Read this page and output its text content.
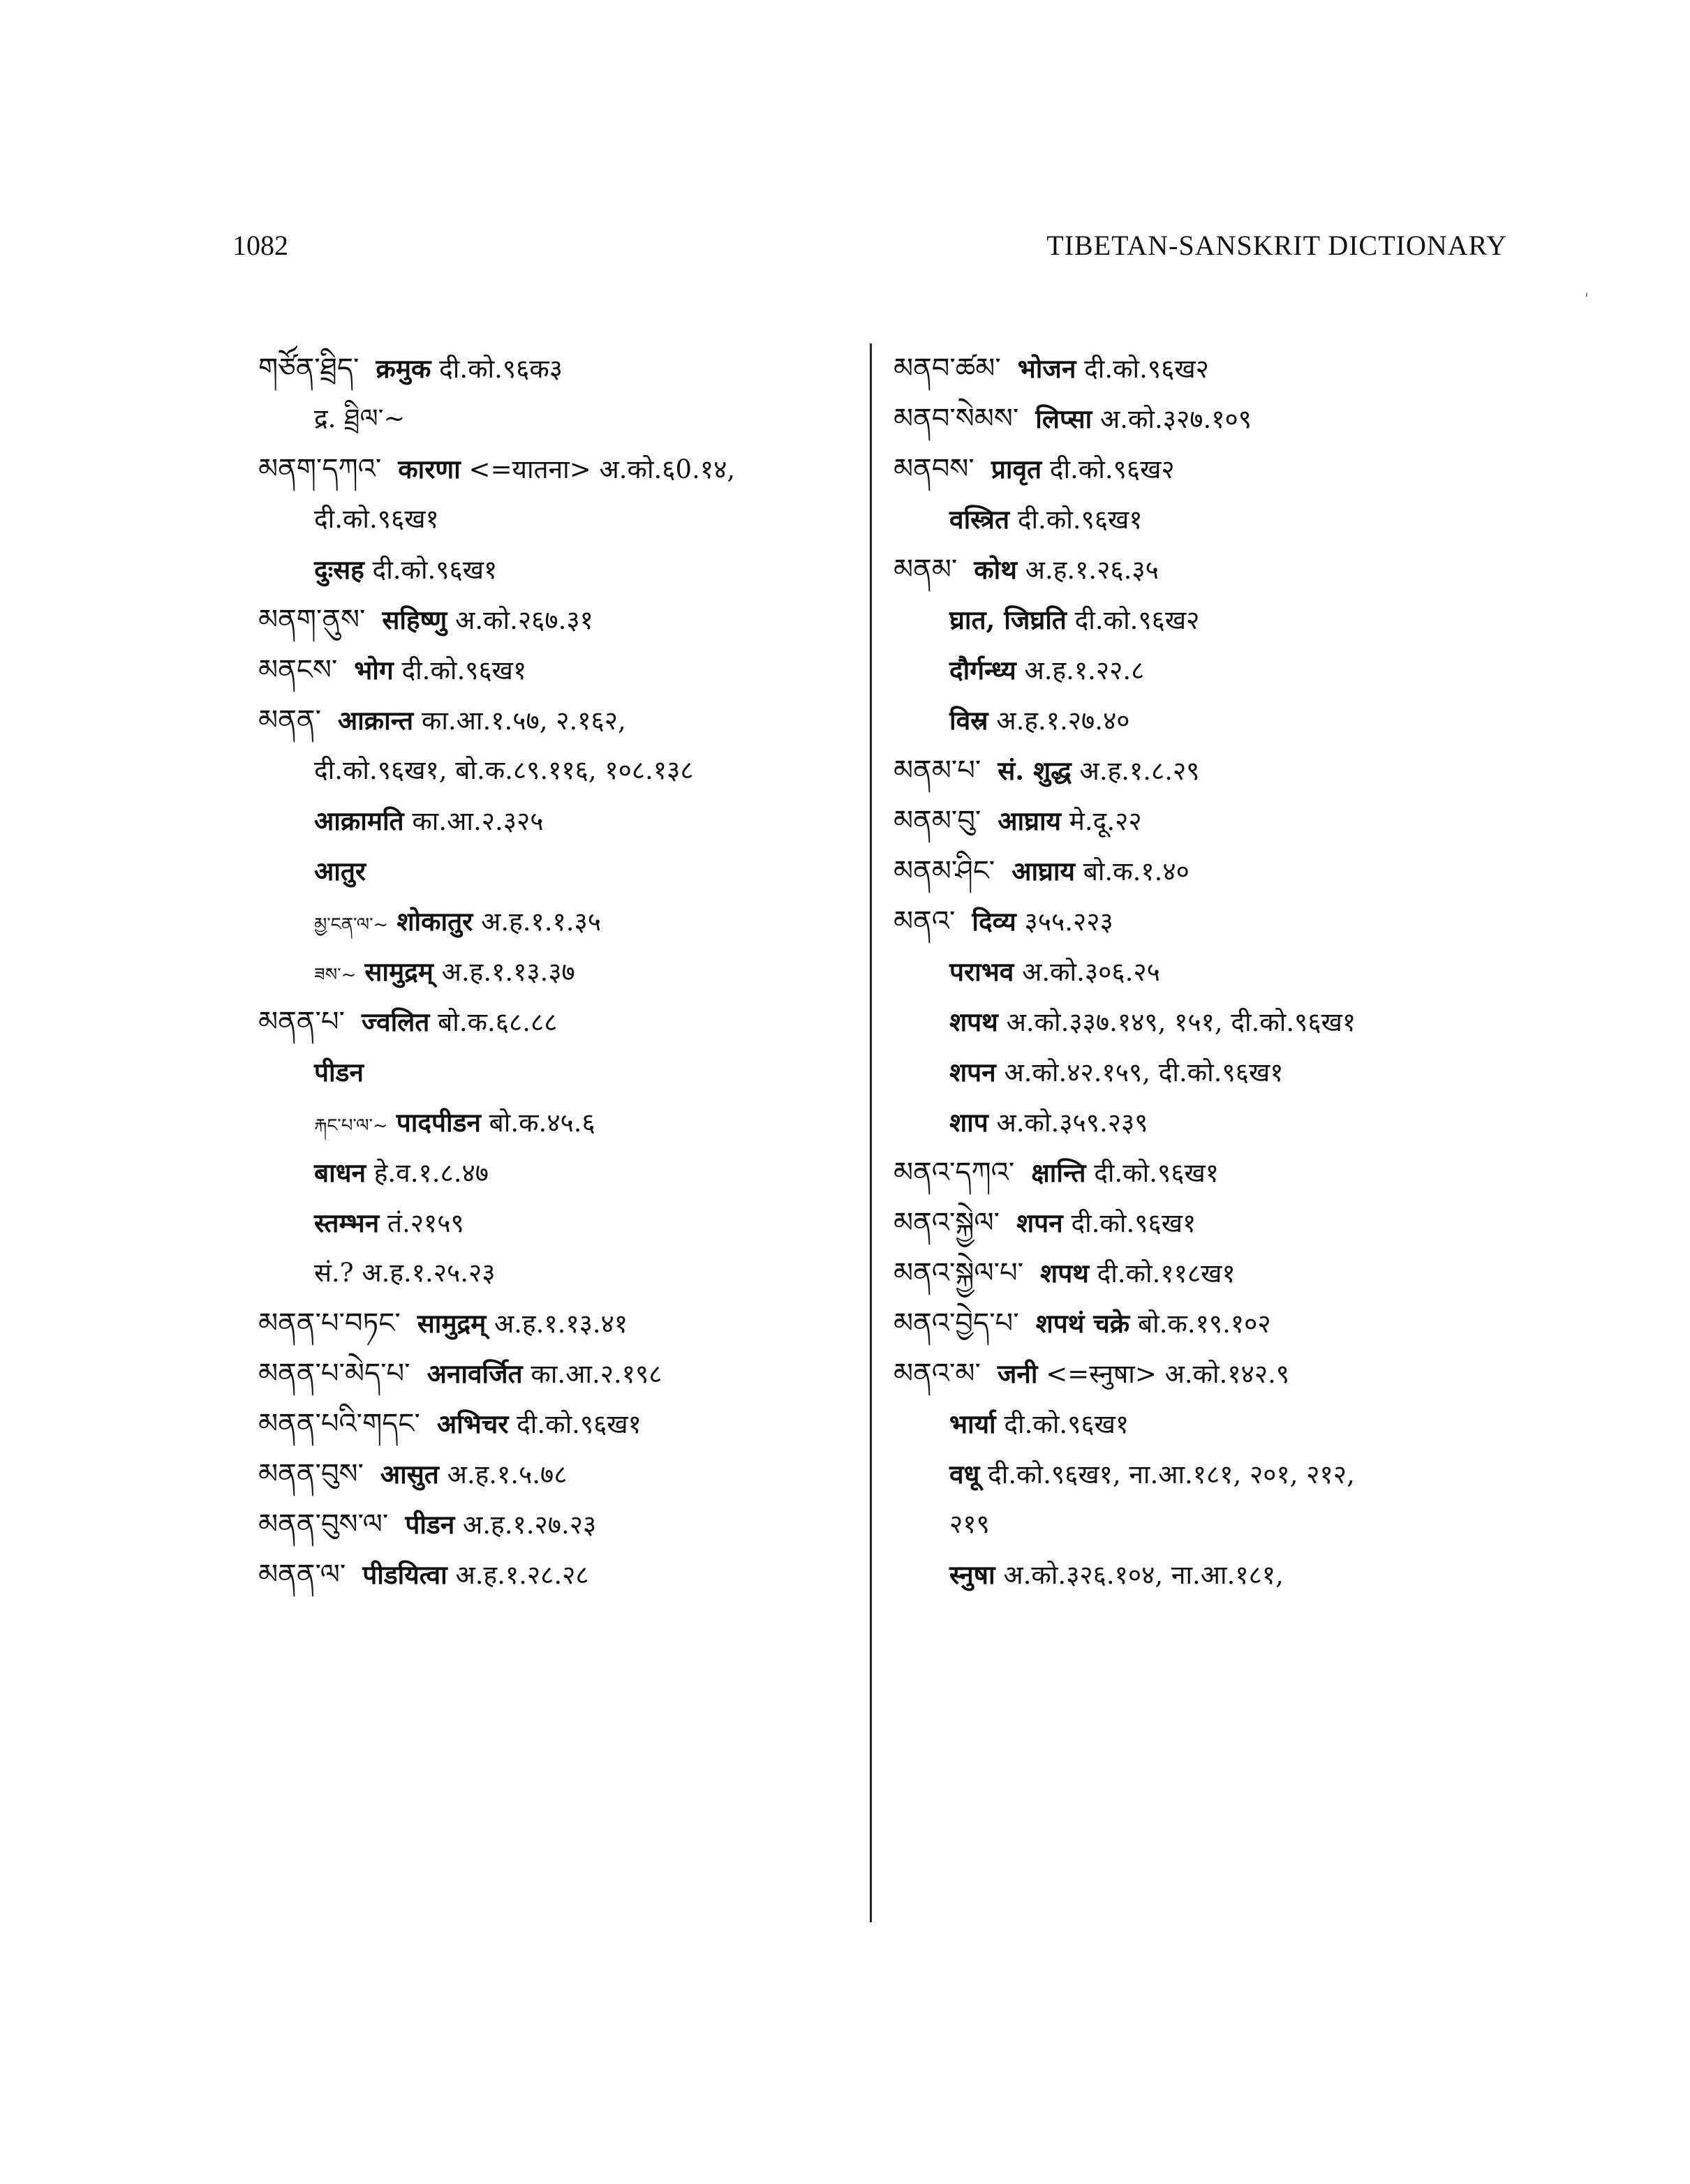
1082	TIBETAN-SANSKRIT DICTIONARY
'
གཙོན་ཐྲིད་ क्रमुक दी.को.९६क३
द्र. ཐྲིལ་~
མནག་དཀའ་ कारणा <=यातना> अ.को.६0.१४,
दी.को.९६ख१
दुःसह दी.को.९६ख१
མནག་ནུས་ सहिष्णु अ.को.२६७.३१
མནངས་ भोग दी.को.९६ख१
མནན་ आक्रान्त का.आ.१.५७, २.१६२,
दी.को.९६ख१, बो.क.८९.११६, १०८.१३८
आक्रामति का.आ.२.३२५
आतुर
མྱ་ངན་ལ་~ शोकातुर अ.ह.१.१.३५
ཟས་~ सामुद्रम् अ.ह.१.१३.३७
མནན་པ་ ज्वलित बो.क.६८.८८
पीडन
རྐང་པ་ལ་~ पादपीडन बो.क.४५.६
बाधन हे.व.१.८.४७
स्तम्भन तं.२१५९
सं.? अ.ह.१.२५.२३
མནན་པ་བཏང་ सामुद्रम् अ.ह.१.१३.४१
མནན་པ་མེད་པ་ अनावर्जित का.आ.२.१९८
མནན་པའི་གདང་ अभिचर दी.को.९६ख१
མནན་བུས་ आसुत अ.ह.१.५.७८
མནན་བུས་ལ་ पीडन अ.ह.१.२७.२३
མནན་ལ་ पीडयित्वा अ.ह.१.२८.२८
མནབ་ཚམ་ भोजन दी.को.९६ख२
མནབ་སེམས་ लिप्सा अ.को.३२७.१०९
མནབས་ प्रावृत दी.को.९६ख२
वस्त्रित दी.को.९६ख१
མནམ་ कोथ अ.ह.१.२६.३५
घ्रात, जिघ्रति दी.को.९६ख२
दौर्गन्ध्य अ.ह.१.२२.८
विस्र अ.ह.१.२७.४०
མནམ་པ་ सं. शुद्ध अ.ह.१.८.२९
མནམ་བུ་ आघ्राय मे.दू.२२
མནམ་ཤིང་ आघ्राय बो.क.१.४०
མནའ་ दिव्य ३५५.२२३
पराभव अ.को.३०६.२५
शपथ अ.को.३३७.१४९, १५१, दी.को.९६ख१
शपन अ.को.४२.१५९, दी.को.९६ख१
शाप अ.को.३५९.२३९
མནའ་དཀའ་ क्षान्ति दी.को.९६ख१
མནའ་སྐྱེལ་ शपन दी.को.९६ख१
མནའ་སྐྱེལ་པ་ शपथ दी.को.११८ख१
མནའ་བྱེད་པ་ शपथं चक्रे बो.क.१९.१०२
མནའ་མ་ जनी <=स्नुषा> अ.को.१४२.९
भार्या दी.को.९६ख१
वधू दी.को.९६ख१, ना.आ.१८१, २०१, २१२,
२१९
स्नुषा अ.को.३२६.१०४, ना.आ.१८१,
